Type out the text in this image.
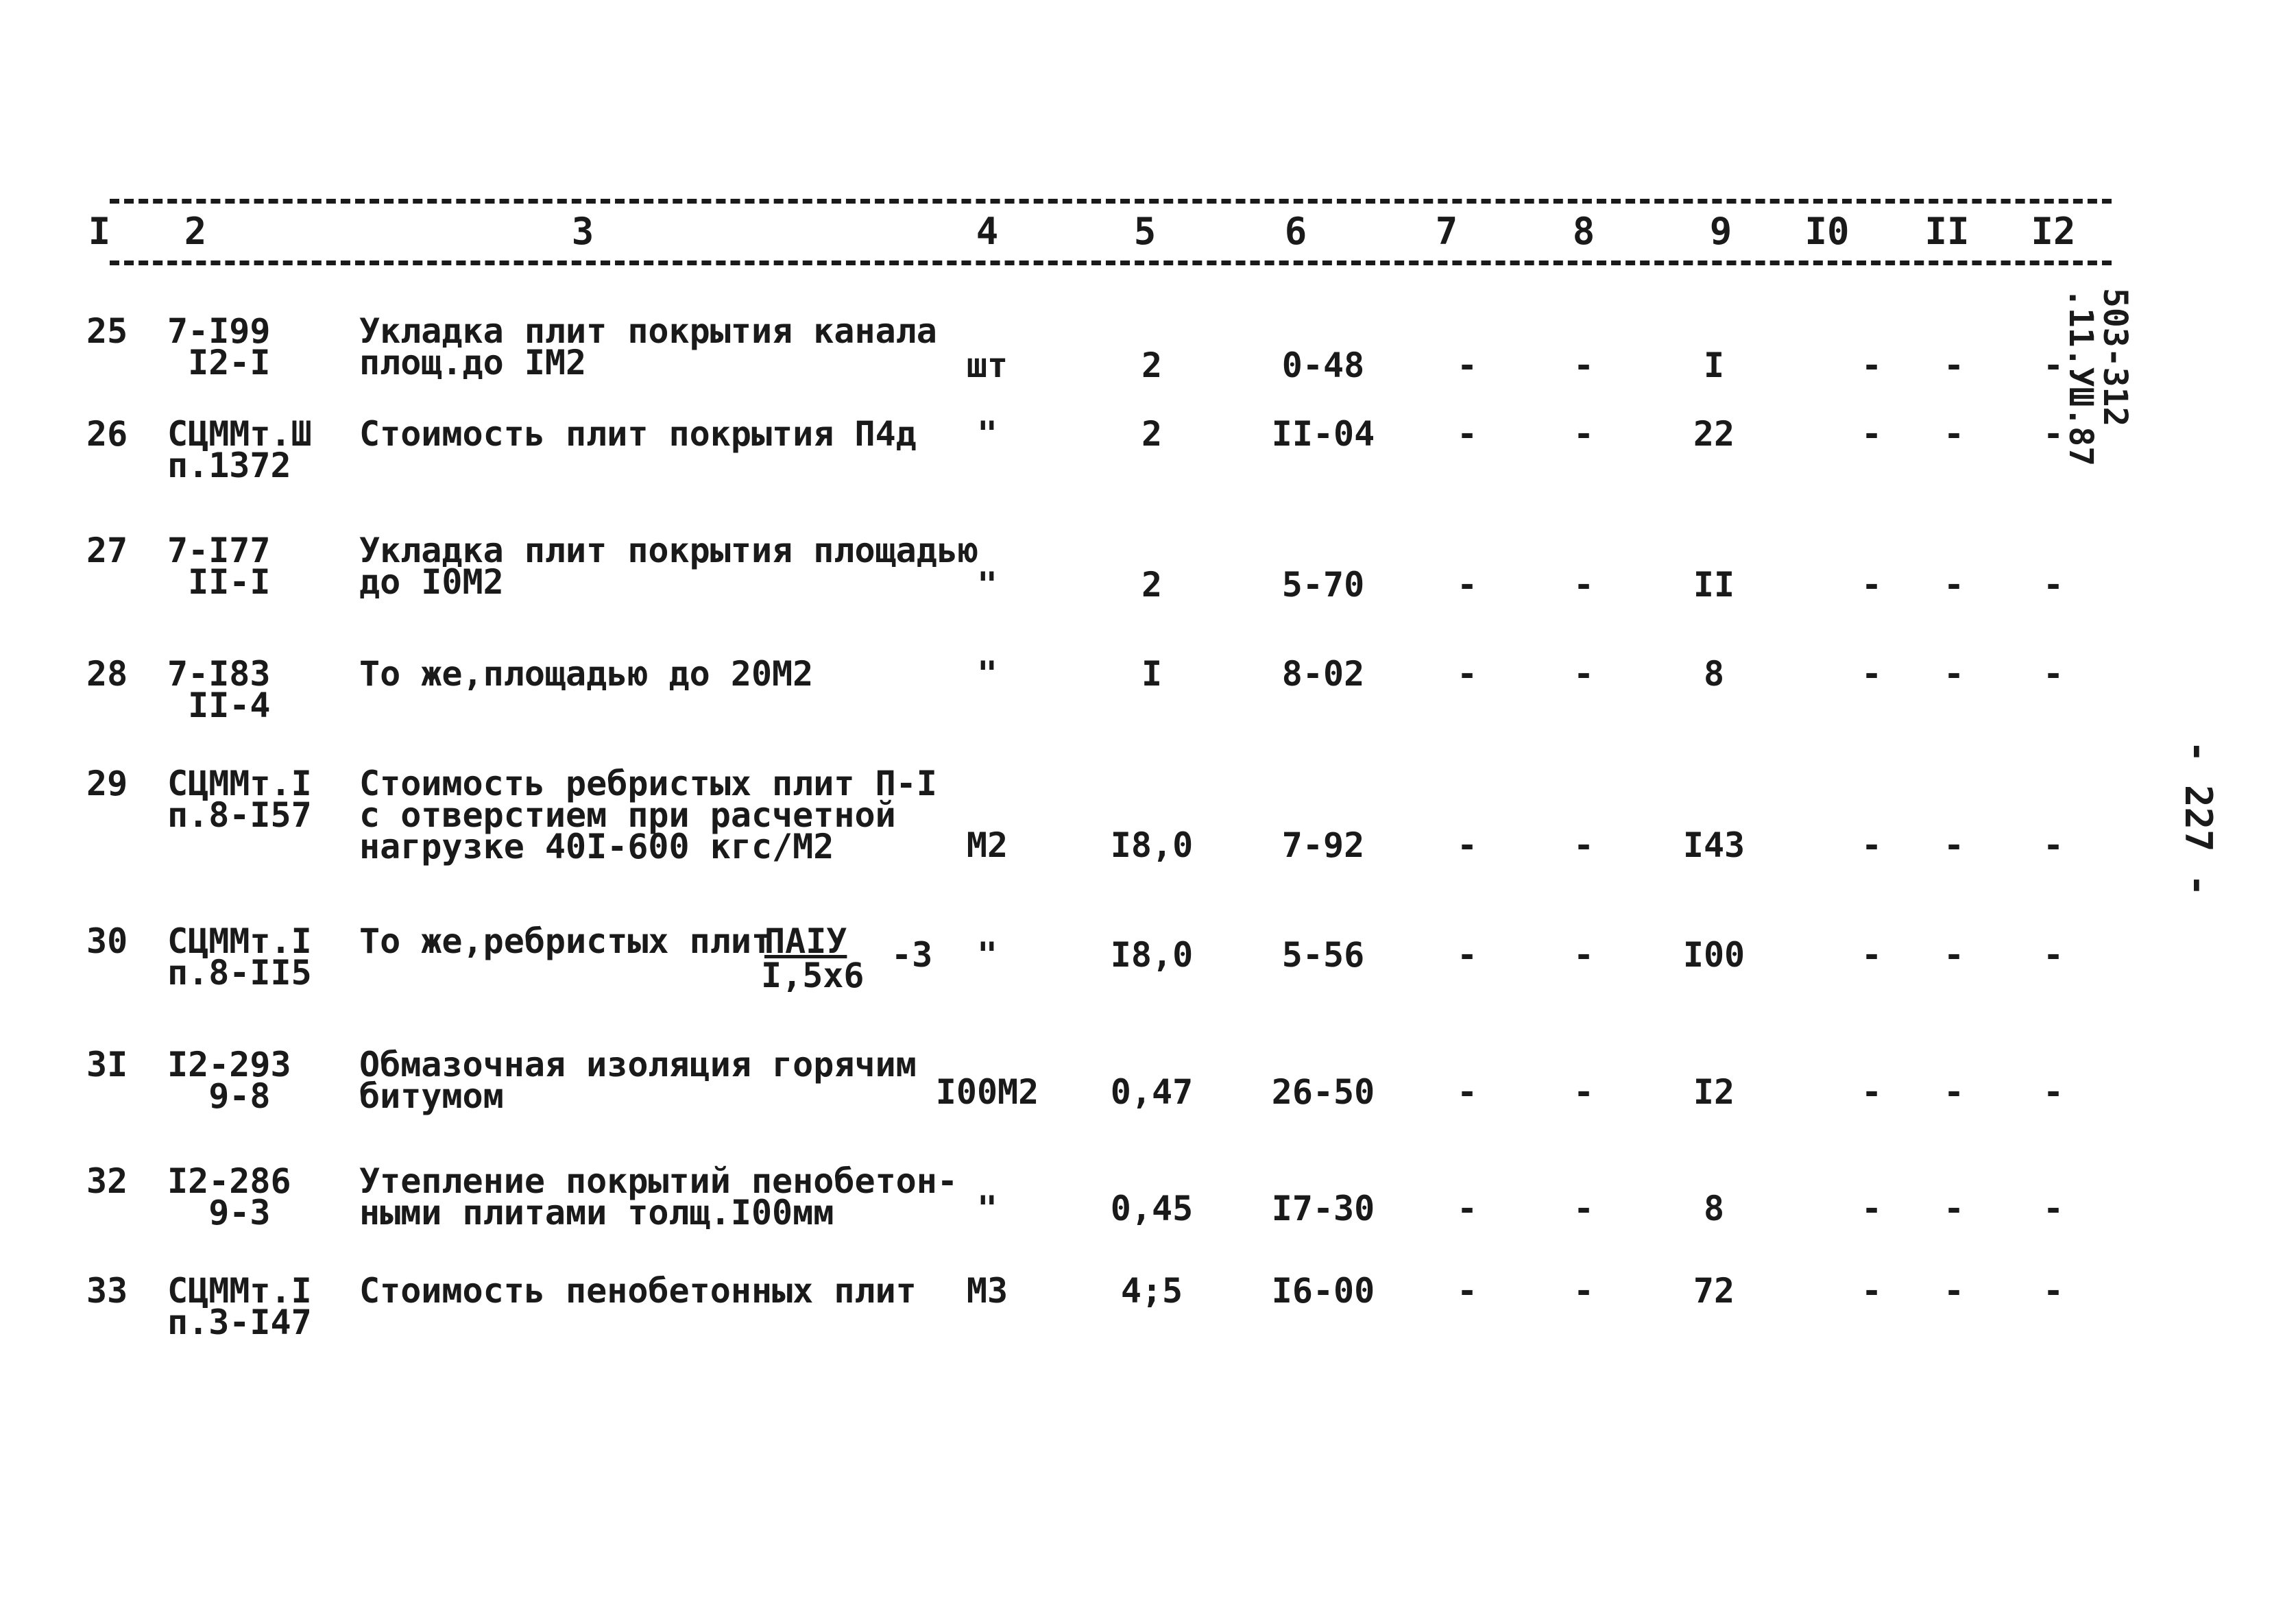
I	2	3	4	5	6	7	8	9	I0	II	I2
25 7-I99
I2-I
Укладка плит покрытия канала
площ.до IМ2	шт	2	0-48	-	-	I	-	-	-
26 СЦММт.Ш
п.1372
Стоимость плит покрытия П4д	"	2	II-04	-	-	22	-	-	-
27 7-I77
II-I
Укладка плит покрытия площадью
до I0М2	"	2	5-70	-	-	II	-	-	-
28 7-I83
II-4
То же,площадью до 20М2	"	I	8-02	-	-	8	-	-	-
29 СЦММт.I
п.8-I57
Стоимость ребристых плит П-I
с отверстием при расчетной
нагрузке 40I-600 кгс/М2	М2	I8,0	7-92	-	-	I43	-	-	-
30 СЦММт.I
п.8-II5
То же,ребристых плит
ПАIУ -3
I,5х6
"	I8,0	5-56	-	-	I00	-	-	-
3I I2-293
9-8
Обмазочная изоляция горячим
битумом	I00М2	0,47	26-50	-	-	I2	-	-	-
32 I2-286
9-3
Утепление покрытий пенобетон-
ными плитами толщ.I00мм	"	0,45	I7-30	-	-	8	-	-	-
33 СЦММт.I
п.3-I47
Стоимость пенобетонных плит	М3	4;5	I6-00	-	-	72	-	-	-
503-312
.11.УШ.87
- 227 -
